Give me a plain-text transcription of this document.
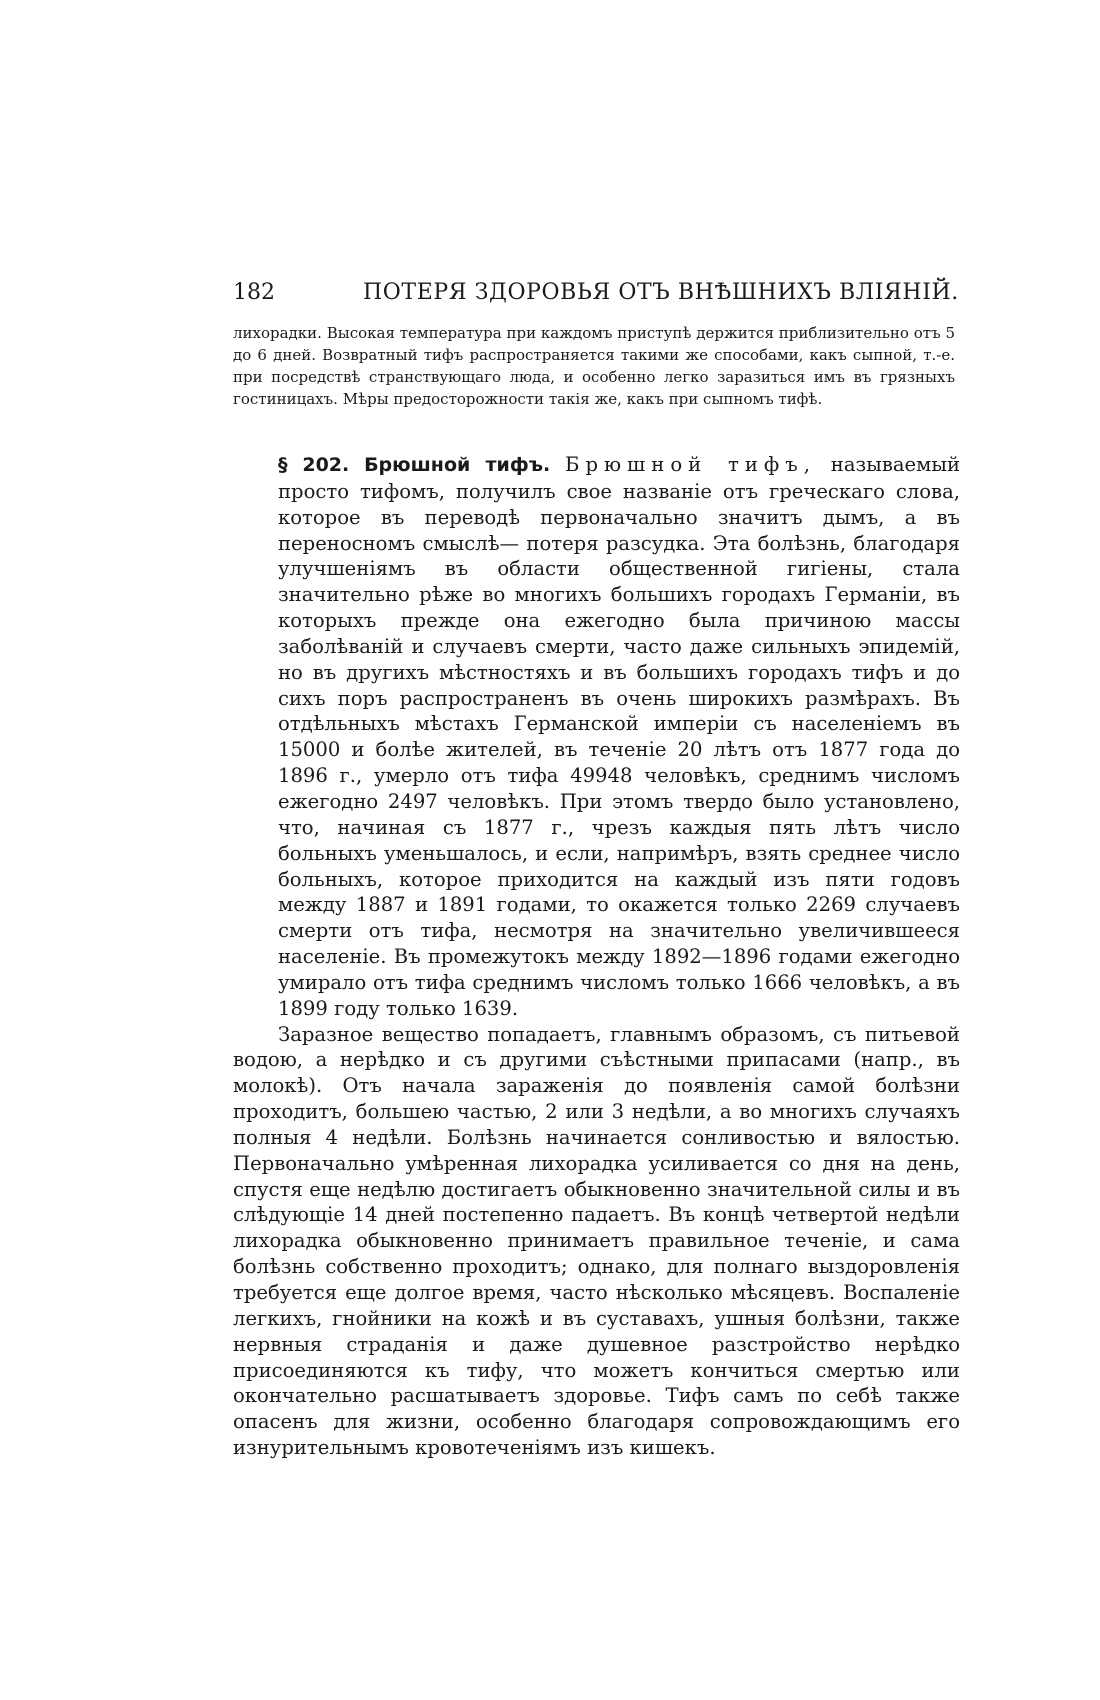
182	ПОТЕРЯ ЗДОРОВЬЯ ОТЪ ВНѢШНИХЪ ВЛІЯНІЙ.

лихорадки. Высокая температура при каждомъ приступѣ держится приблизительно отъ 5 до 6 дней. Возвратный тифъ распространяется такими же способами, какъ сыпной, т.-е. при посредствѣ странствующаго люда, и особенно легко заразиться имъ въ грязныхъ гостиницахъ. Мѣры предосторожности такія же, какъ при сыпномъ тифѣ.

§ 202. Брюшной тифъ. Брюшной тифъ, называемый просто тифомъ, получилъ свое названіе отъ греческаго слова, которое въ переводѣ первоначально значитъ дымъ, а въ переносномъ смыслѣ— потеря разсудка. Эта болѣзнь, благодаря улучшеніямъ въ области общественной гигіены, стала значительно рѣже во многихъ большихъ городахъ Германіи, въ которыхъ прежде она ежегодно была причиною массы заболѣваній и случаевъ смерти, часто даже сильныхъ эпидемій, но въ другихъ мѣстностяхъ и въ большихъ городахъ тифъ и до сихъ поръ распространенъ въ очень широкихъ размѣрахъ. Въ отдѣльныхъ мѣстахъ Германской имперіи съ населеніемъ въ 15000 и болѣе жителей, въ теченіе 20 лѣтъ отъ 1877 года до 1896 г., умерло отъ тифа 49948 человѣкъ, среднимъ числомъ ежегодно 2497 человѣкъ. При этомъ твердо было установлено, что, начиная съ 1877 г., чрезъ каждыя пять лѣтъ число больныхъ уменьшалось, и если, напримѣръ, взять среднее число больныхъ, которое приходится на каждый изъ пяти годовъ между 1887 и 1891 годами, то окажется только 2269 случаевъ смерти отъ тифа, несмотря на значительно увеличившееся населеніе. Въ промежутокъ между 1892—1896 годами ежегодно умирало отъ тифа среднимъ числомъ только 1666 человѣкъ, а въ 1899 году только 1639.

Заразное вещество попадаетъ, главнымъ образомъ, съ питьевой водою, а нерѣдко и съ другими съѣстными припасами (напр., въ молокѣ). Отъ начала зараженія до появленія самой болѣзни проходитъ, большею частью, 2 или 3 недѣли, а во многихъ случаяхъ полныя 4 недѣли. Болѣзнь начинается сонливостью и вялостью. Первоначально умѣренная лихорадка усиливается со дня на день, спустя еще недѣлю достигаетъ обыкновенно значительной силы и въ слѣдующіе 14 дней постепенно падаетъ. Въ концѣ четвертой недѣли лихорадка обыкновенно принимаетъ правильное теченіе, и сама болѣзнь собственно проходитъ; однако, для полнаго выздоровленія требуется еще долгое время, часто нѣсколько мѣсяцевъ. Воспаленіе легкихъ, гнойники на кожѣ и въ суставахъ, ушныя болѣзни, также нервныя страданія и даже душевное разстройство нерѣдко присоединяются къ тифу, что можетъ кончиться смертью или окончательно расшатываетъ здоровье. Тифъ самъ по себѣ также опасенъ для жизни, особенно благодаря сопровождающимъ его изнурительнымъ кровотеченіямъ изъ кишекъ.
